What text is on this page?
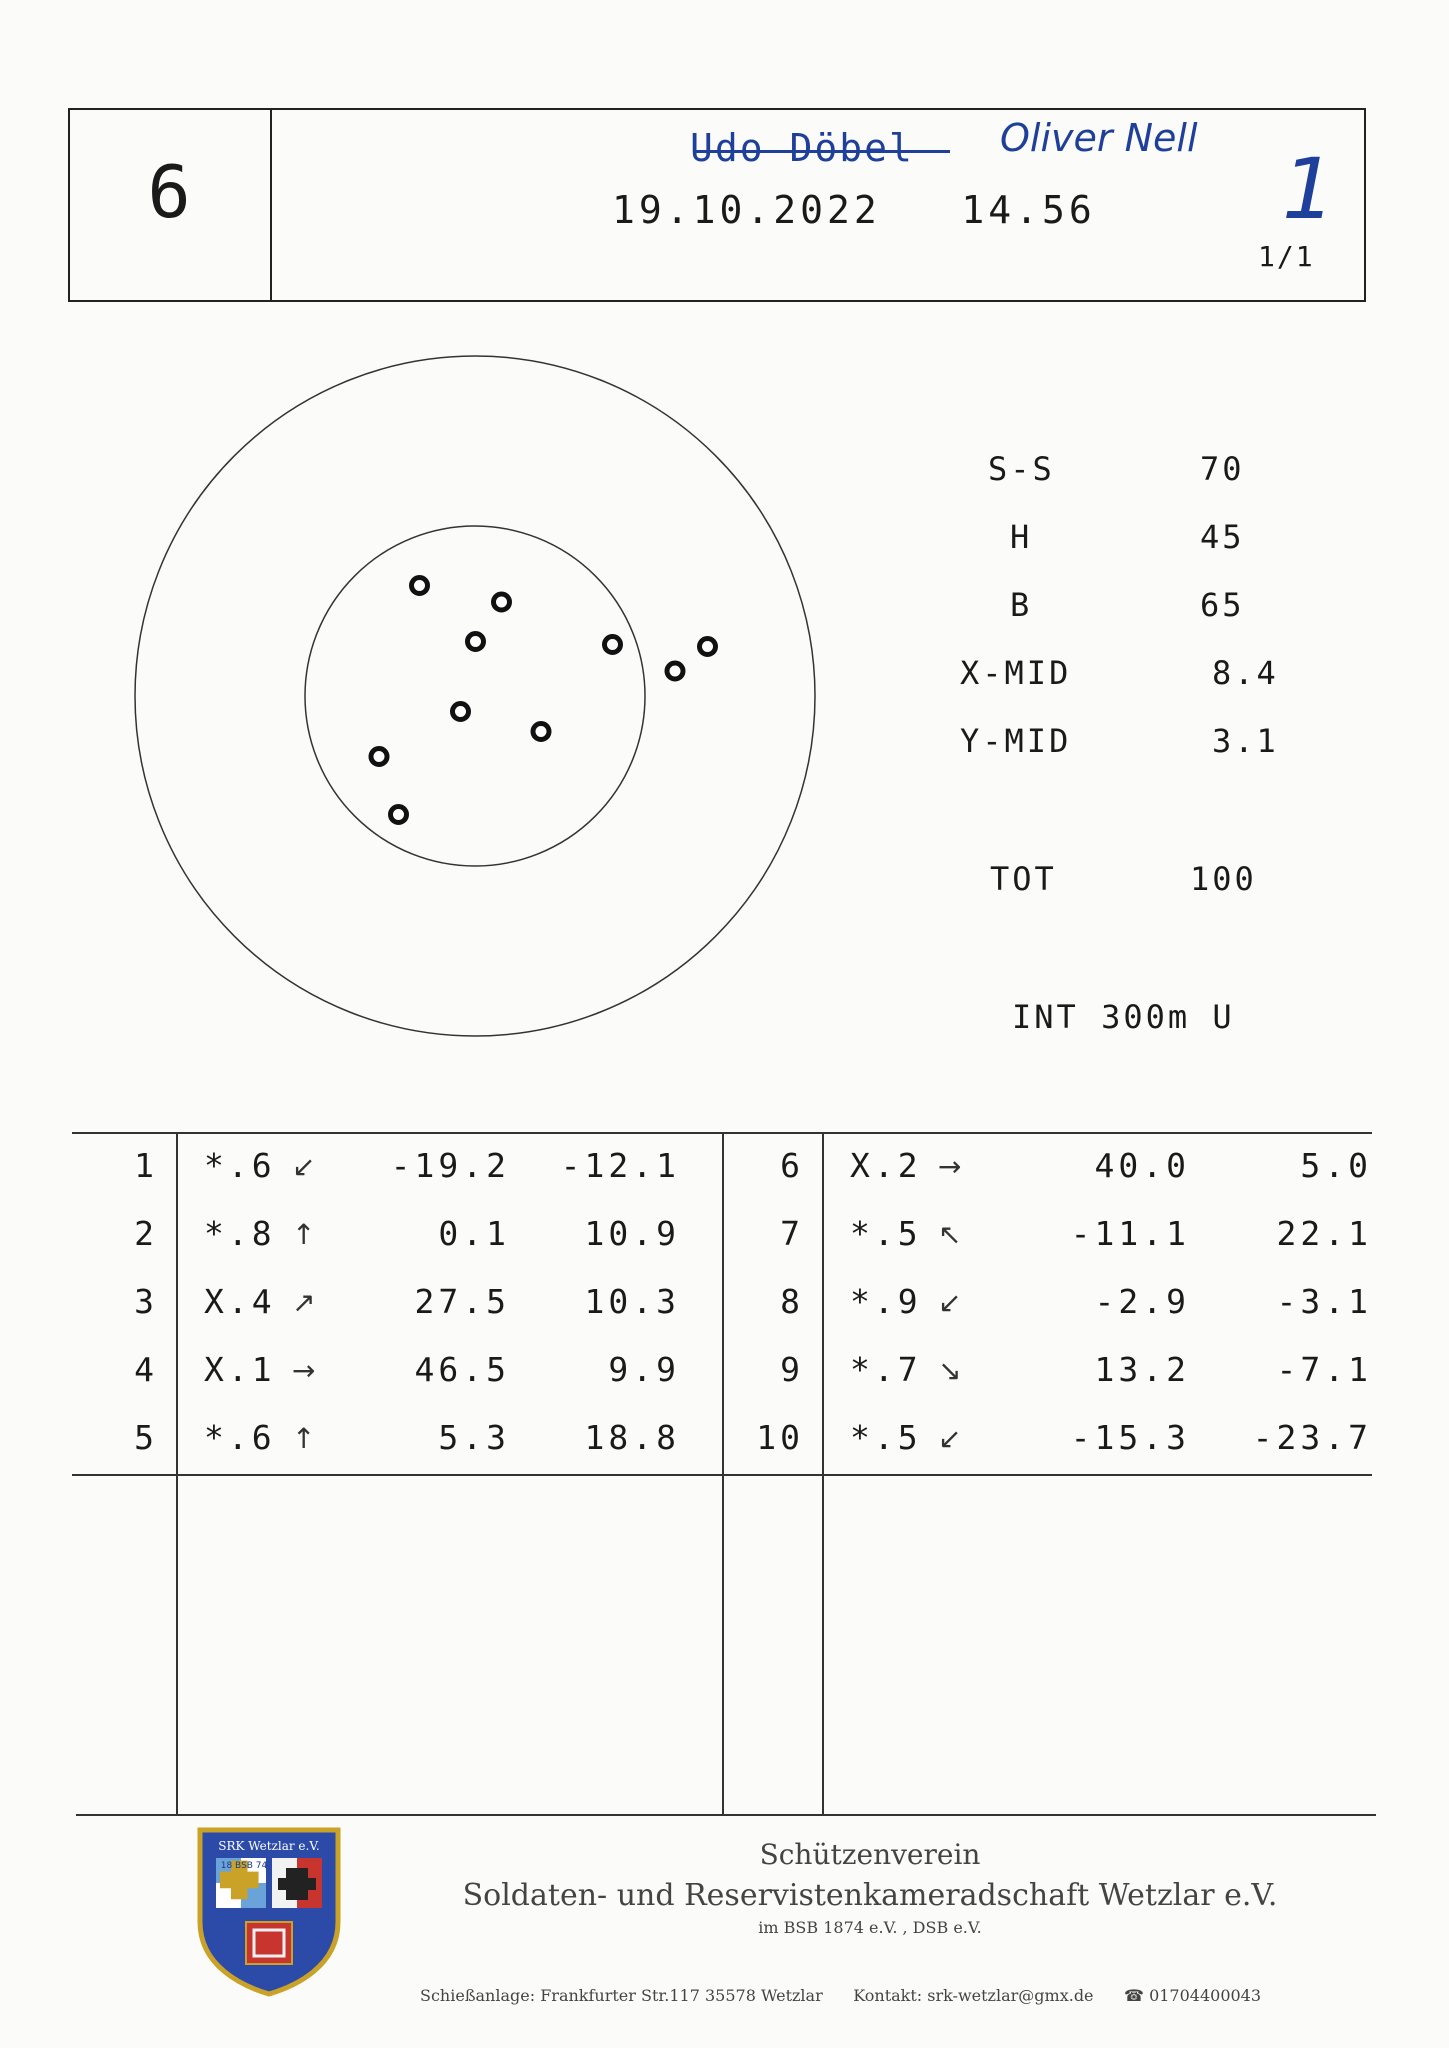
6
Udo Döbel Oliver Nell
19.10.2022 14.56 1
1/1
S-S	70
H	45
B	65
X-MID	8.4
Y-MID	3.1
TOT	100
INT 300m U
1 *.6 ↙	-19.2	-12.1
2 *.8 ↑	0.1	10.9
3 X.4 ↗	27.5	10.3
4 X.1 →	46.5	9.9
5 *.6 ↑	5.3	18.8
6 X.2 →	40.0	5.0
7 *.5 ↖	-11.1	22.1
8 *.9 ↙	-2.9	-3.1
9 *.7 ↘	13.2	-7.1
10 *.5 ↙	-15.3	-23.7
SRK Wetzlar e.V.
18 BSB 74	Schützenverein
Soldaten- und Reservistenkameradschaft Wetzlar e.V.
im BSB 1874 e.V. , DSB e.V.
Schießanlage: Frankfurter Str.117 35578 Wetzlar Kontakt: srk-wetzlar@gmx.de ☎ 01704400043
